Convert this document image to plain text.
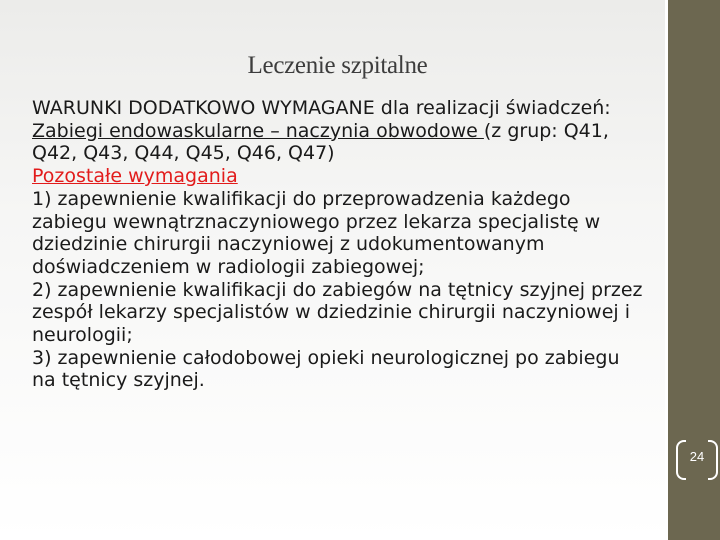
Leczenie szpitalne

WARUNKI DODATKOWO WYMAGANE dla realizacji świadczeń: Zabiegi endowaskularne – naczynia obwodowe (z grup: Q41, Q42, Q43, Q44, Q45, Q46, Q47)

Pozostałe wymagania

1) zapewnienie kwalifikacji do przeprowadzenia każdego zabiegu wewnątrznaczyniowego przez lekarza specjalistę w dziedzinie chirurgii naczyniowej z udokumentowanym doświadczeniem w radiologii zabiegowej;

2) zapewnienie kwalifikacji do zabiegów na tętnicy szyjnej przez zespół lekarzy specjalistów w dziedzinie chirurgii naczyniowej i neurologii;

3) zapewnienie całodobowej opieki neurologicznej po zabiegu na tętnicy szyjnej.

24
